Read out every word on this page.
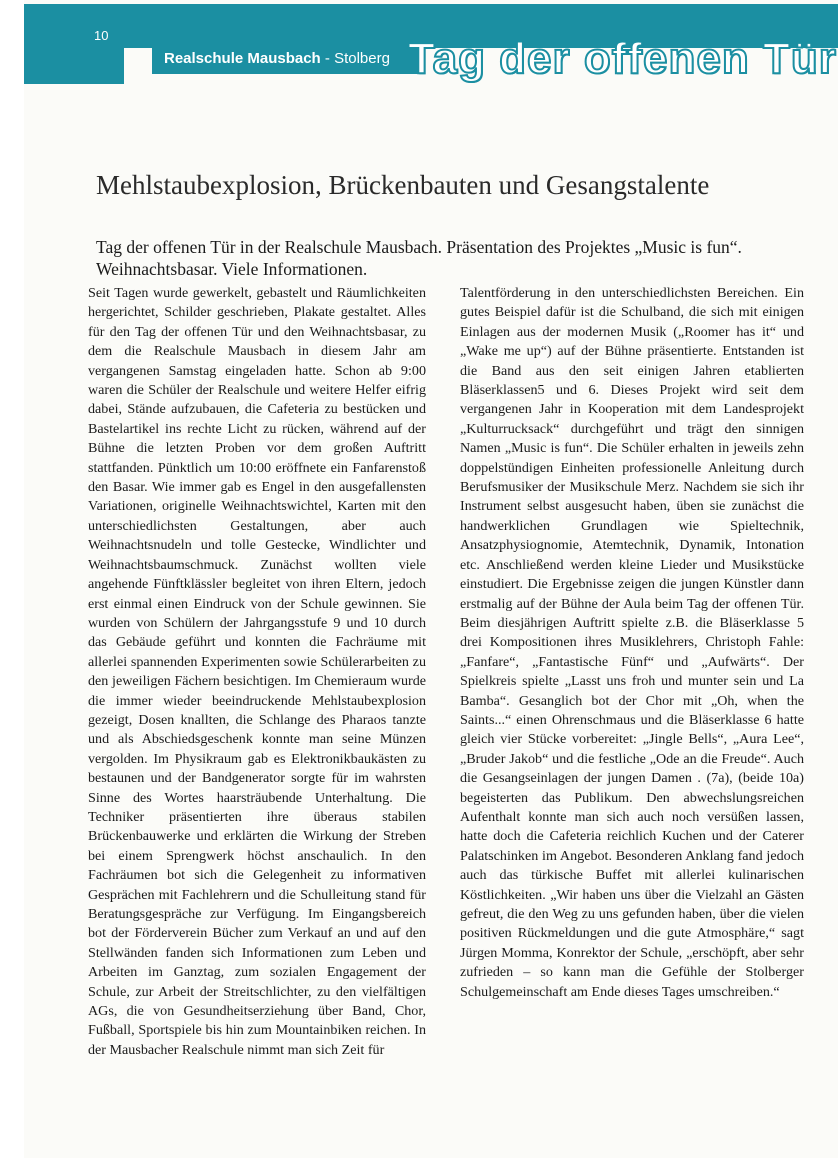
10
Realschule Mausbach - Stolberg Tag der offenen Tür
Mehlstaubexplosion, Brückenbauten und Gesangstalente
Tag der offenen Tür in der Realschule Mausbach. Präsentation des Projektes „Music is fun“. Weihnachtsbasar. Viele Informationen.

Seit Tagen wurde gewerkelt, gebastelt und Räumlichkeiten hergerichtet, Schilder geschrieben, Plakate gestaltet. Alles für den Tag der offenen Tür und den Weihnachtsbasar, zu dem die Realschule Mausbach in diesem Jahr am vergangenen Samstag eingeladen hatte. Schon ab 9:00 waren die Schüler der Realschule und weitere Helfer eifrig dabei, Stände aufzubauen, die Cafeteria zu bestücken und Bastelartikel ins rechte Licht zu rücken, während auf der Bühne die letzten Proben vor dem großen Auftritt stattfanden. Pünktlich um 10:00 eröffnete ein Fanfarenstoß den Basar. Wie immer gab es Engel in den ausgefallensten Variationen, originelle Weihnachtswichtel, Karten mit den unterschiedlichsten Gestaltungen, aber auch Weihnachtsnudeln und tolle Gestecke, Windlichter und Weihnachtsbaumschmuck. Zunächst wollten viele angehende Fünftklässler begleitet von ihren Eltern, jedoch erst einmal einen Eindruck von der Schule gewinnen. Sie wurden von Schülern der Jahrgangsstufe 9 und 10 durch das Gebäude geführt und konnten die Fachräume mit allerlei spannenden Experimenten sowie Schülerarbeiten zu den jeweiligen Fächern besichtigen. Im Chemieraum wurde die immer wieder beeindruckende Mehlstaubexplosion gezeigt, Dosen knallten, die Schlange des Pharaos tanzte und als Abschiedsgeschenk konnte man seine Münzen vergolden. Im Physikraum gab es Elektronikbaukästen zu bestaunen und der Bandgenerator sorgte für im wahrsten Sinne des Wortes haarsträubende Unterhaltung. Die Techniker präsentierten ihre überaus stabilen Brückenbauwerke und erklärten die Wirkung der Streben bei einem Sprengwerk höchst anschaulich. In den Fachräumen bot sich die Gelegenheit zu informativen Gesprächen mit Fachlehrern und die Schulleitung stand für Beratungsgespräche zur Verfügung. Im Eingangsbereich bot der Förderverein Bücher zum Verkauf an und auf den Stellwänden fanden sich Informationen zum Leben und Arbeiten im Ganztag, zum sozialen Engagement der Schule, zur Arbeit der Streitschlichter, zu den vielfältigen AGs, die von Gesundheitserziehung über Band, Chor, Fußball, Sportspiele bis hin zum Mountainbiken reichen. In der Mausbacher Realschule nimmt man sich Zeit für

Talentförderung in den unterschiedlichsten Bereichen. Ein gutes Beispiel dafür ist die Schulband, die sich mit einigen Einlagen aus der modernen Musik („Roomer has it“ und „Wake me up“) auf der Bühne präsentierte. Entstanden ist die Band aus den seit einigen Jahren etablierten Bläserklassen5 und 6. Dieses Projekt wird seit dem vergangenen Jahr in Kooperation mit dem Landesprojekt „Kulturrucksack“ durchgeführt und trägt den sinnigen Namen „Music is fun“. Die Schüler erhalten in jeweils zehn doppelstündigen Einheiten professionelle Anleitung durch Berufsmusiker der Musikschule Merz. Nachdem sie sich ihr Instrument selbst ausgesucht haben, üben sie zunächst die handwerklichen Grundlagen wie Spieltechnik, Ansatzphysiognomie, Atemtechnik, Dynamik, Intonation etc. Anschließend werden kleine Lieder und Musikstücke einstudiert. Die Ergebnisse zeigen die jungen Künstler dann erstmalig auf der Bühne der Aula beim Tag der offenen Tür. Beim diesjährigen Auftritt spielte z.B. die Bläserklasse 5 drei Kompositionen ihres Musiklehrers, Christoph Fahle: „Fanfare“, „Fantastische Fünf“ und „Aufwärts“. Der Spielkreis spielte „Lasst uns froh und munter sein und La Bamba“. Gesanglich bot der Chor mit „Oh, when the Saints...“ einen Ohrenschmaus und die Bläserklasse 6 hatte gleich vier Stücke vorbereitet: „Jingle Bells“, „Aura Lee“, „Bruder Jakob“ und die festliche „Ode an die Freude“. Auch die Gesangseinlagen der jungen Damen . (7a), (beide 10a) begeisterten das Publikum. Den abwechslungsreichen Aufenthalt konnte man sich auch noch versüßen lassen, hatte doch die Cafeteria reichlich Kuchen und der Caterer Palatschinken im Angebot. Besonderen Anklang fand jedoch auch das türkische Buffet mit allerlei kulinarischen Köstlichkeiten. „Wir haben uns über die Vielzahl an Gästen gefreut, die den Weg zu uns gefunden haben, über die vielen positiven Rückmeldungen und die gute Atmosphäre,“ sagt Jürgen Momma, Konrektor der Schule, „erschöpft, aber sehr zufrieden – so kann man die Gefühle der Stolberger Schulgemeinschaft am Ende dieses Tages umschreiben.“
